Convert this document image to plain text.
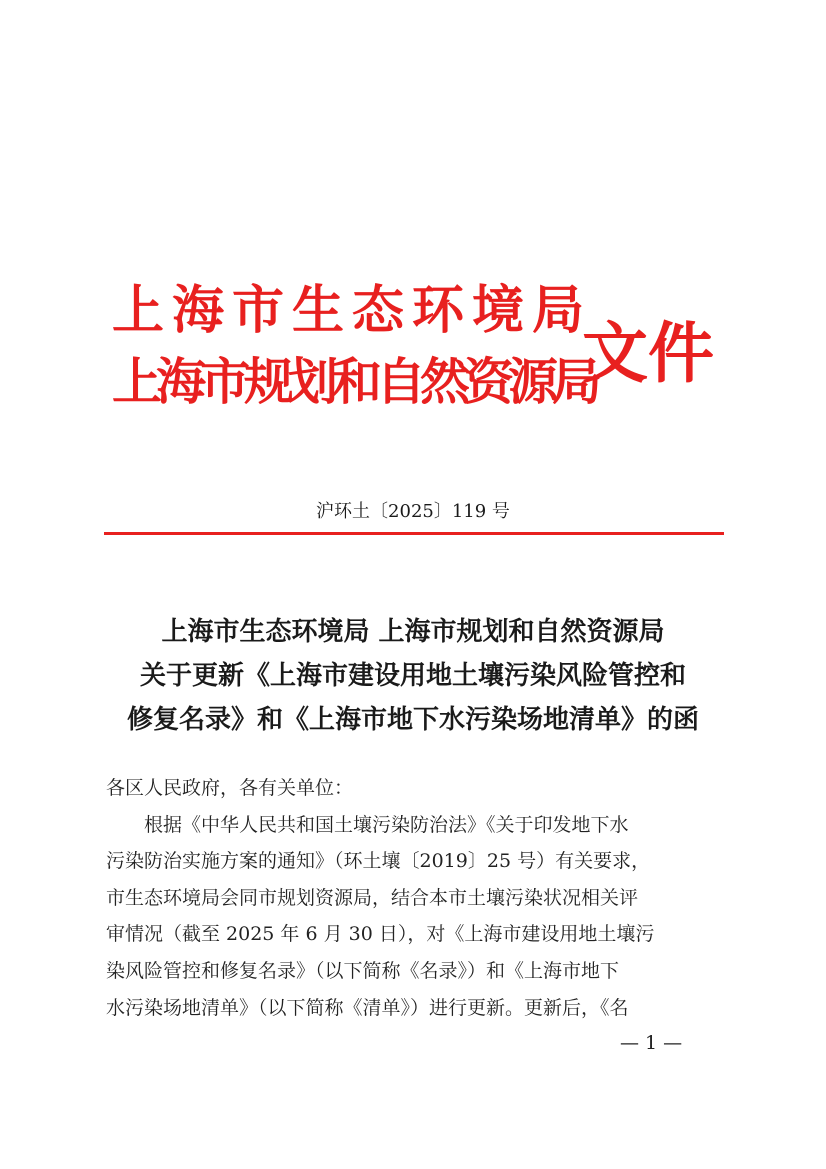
上海市生态环境局
上海市规划和自然资源局
文件
沪环土〔2025〕119 号
上海市生态环境局 上海市规划和自然资源局
关于更新《上海市建设用地土壤污染风险管控和
修复名录》和《上海市地下水污染场地清单》的函
各区人民政府，各有关单位：
根据《中华人民共和国土壤污染防治法》《关于印发地下水
污染防治实施方案的通知》（环土壤〔2019〕25 号）有关要求，
市生态环境局会同市规划资源局，结合本市土壤污染状况相关评
审情况（截至 2025 年 6 月 30 日），对《上海市建设用地土壤污
染风险管控和修复名录》（以下简称《名录》）和《上海市地下
水污染场地清单》（以下简称《清单》）进行更新。更新后，《名
— 1 —
